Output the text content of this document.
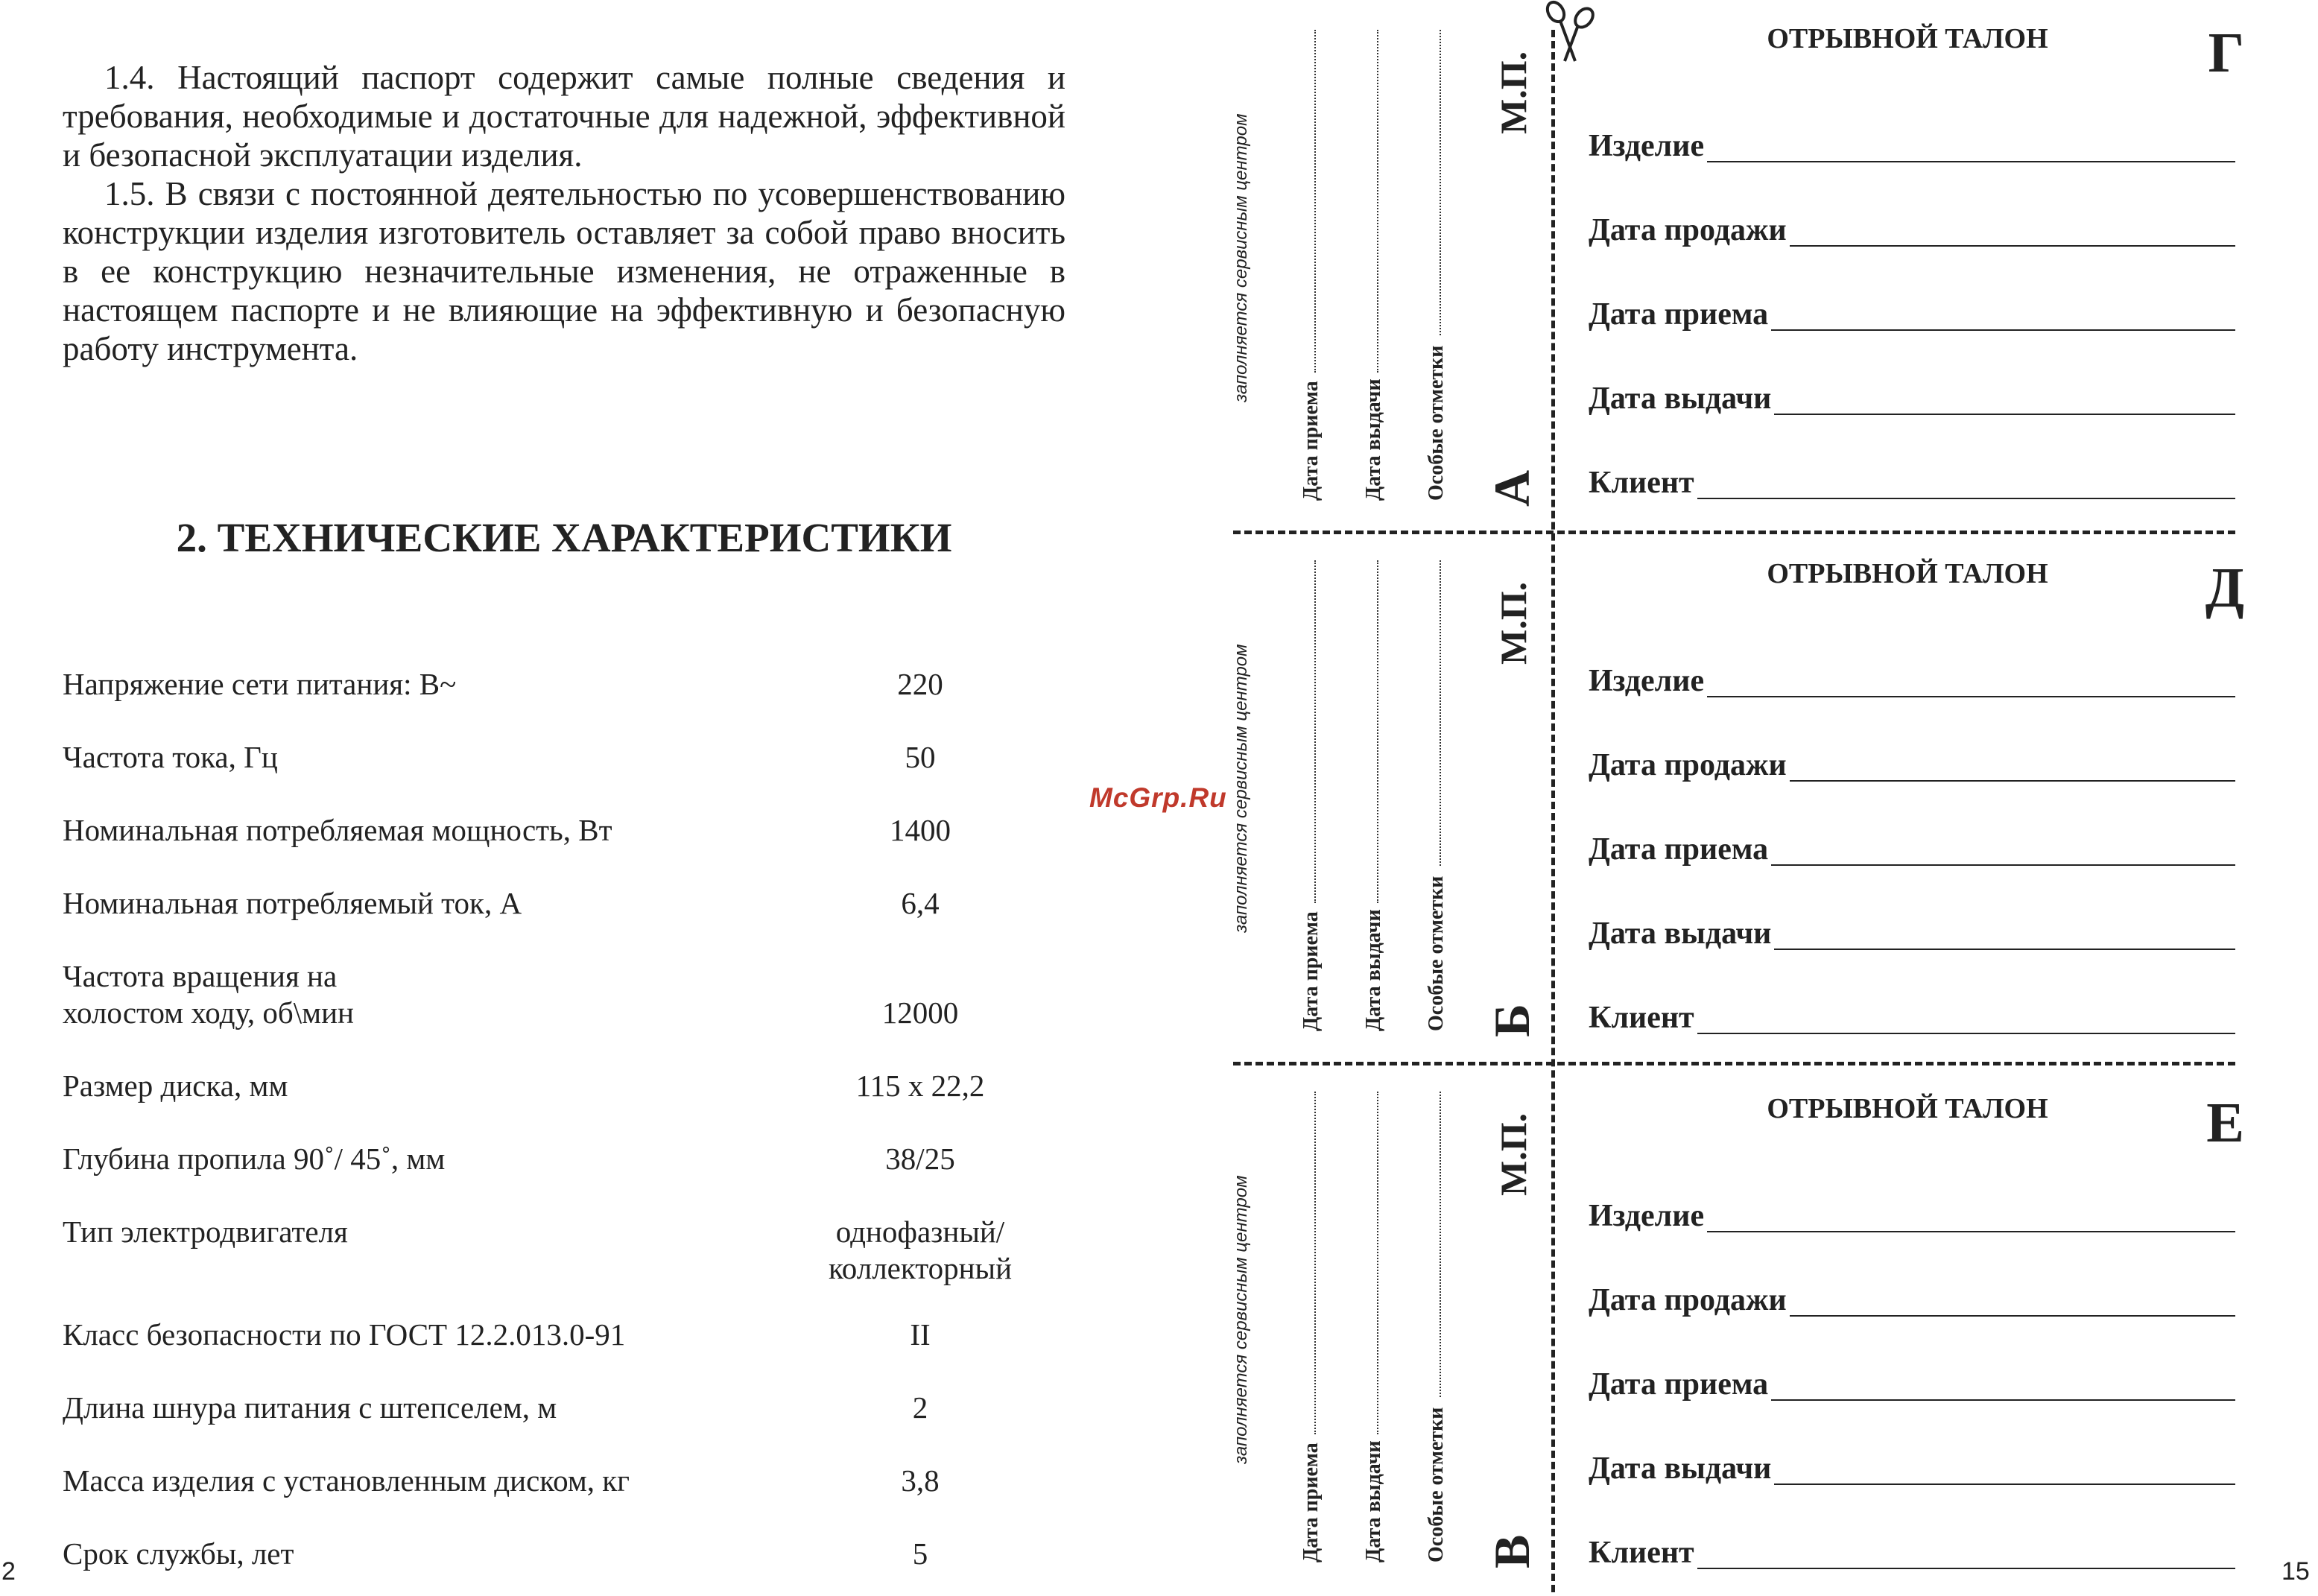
1.4. Настоящий паспорт содержит самые полные сведения и требования, необходимые и достаточные для надежной, эффективной и безопасной эксплуатации изделия.

1.5. В связи с постоянной деятельностью по усовершенствованию конструкции изделия изготовитель оставляет за собой право вносить в ее конструкцию незначительные изменения, не отраженные в настоящем паспорте и не влияющие на эффективную и безопасную работу инструмента.

2. ТЕХНИЧЕСКИЕ ХАРАКТЕРИСТИКИ
Напряжение сети питания: В~	220
Частота тока, Гц	50
Номинальная потребляемая мощность, Вт	1400
Номинальная потребляемый ток, А	6,4
Частота вращения на
холостом ходу, об\мин	12000
Размер диска, мм	115 х 22,2
Глубина пропила 90˚/ 45˚, мм	38/25
Тип электродвигателя	однофазный/
коллекторный
Класс безопасности по ГОСТ 12.2.013.0-91	II
Длина шнура питания с штепселем, м	2
Масса изделия с установленным диском, кг	3,8
Срок службы, лет	5
2
McGrp.Ru
заполняется сервисным центром
Дата приема Дата выдачи Особые отметки
М.П.
А
заполняется сервисным центром
Дата приема Дата выдачи Особые отметки
М.П.
Б
заполняется сервисным центром
Дата приема Дата выдачи Особые отметки
М.П.
В
ОТРЫВНОЙ ТАЛОН	Г
Изделие
Дата продажи
Дата приема
Дата выдачи
Клиент
ОТРЫВНОЙ ТАЛОН	Д
Изделие
Дата продажи
Дата приема
Дата выдачи
Клиент
ОТРЫВНОЙ ТАЛОН	Е
Изделие
Дата продажи
Дата приема
Дата выдачи
Клиент
15
